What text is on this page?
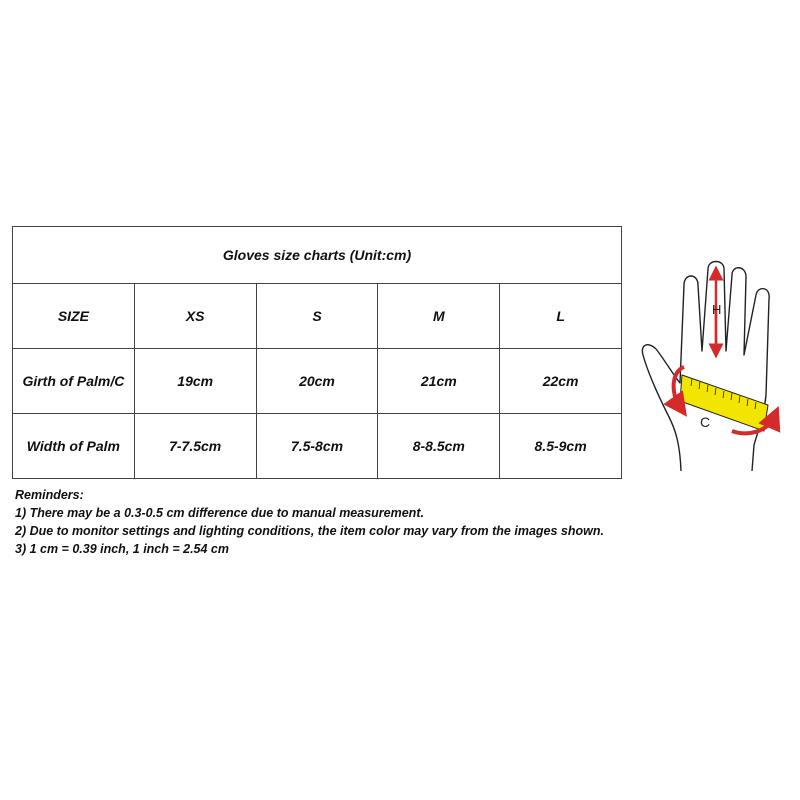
Gloves size charts (Unit:cm)				
SIZE	XS	S	M	L
Girth of Palm/C	19cm	20cm	21cm	22cm
Width of Palm	7-7.5cm	7.5-8cm	8-8.5cm	8.5-9cm

Reminders:

1) There may be a 0.3-0.5 cm difference due to manual measurement.

2) Due to monitor settings and lighting conditions, the item color may vary from the images shown.

3) 1 cm = 0.39 inch, 1 inch = 2.54 cm

H
C
